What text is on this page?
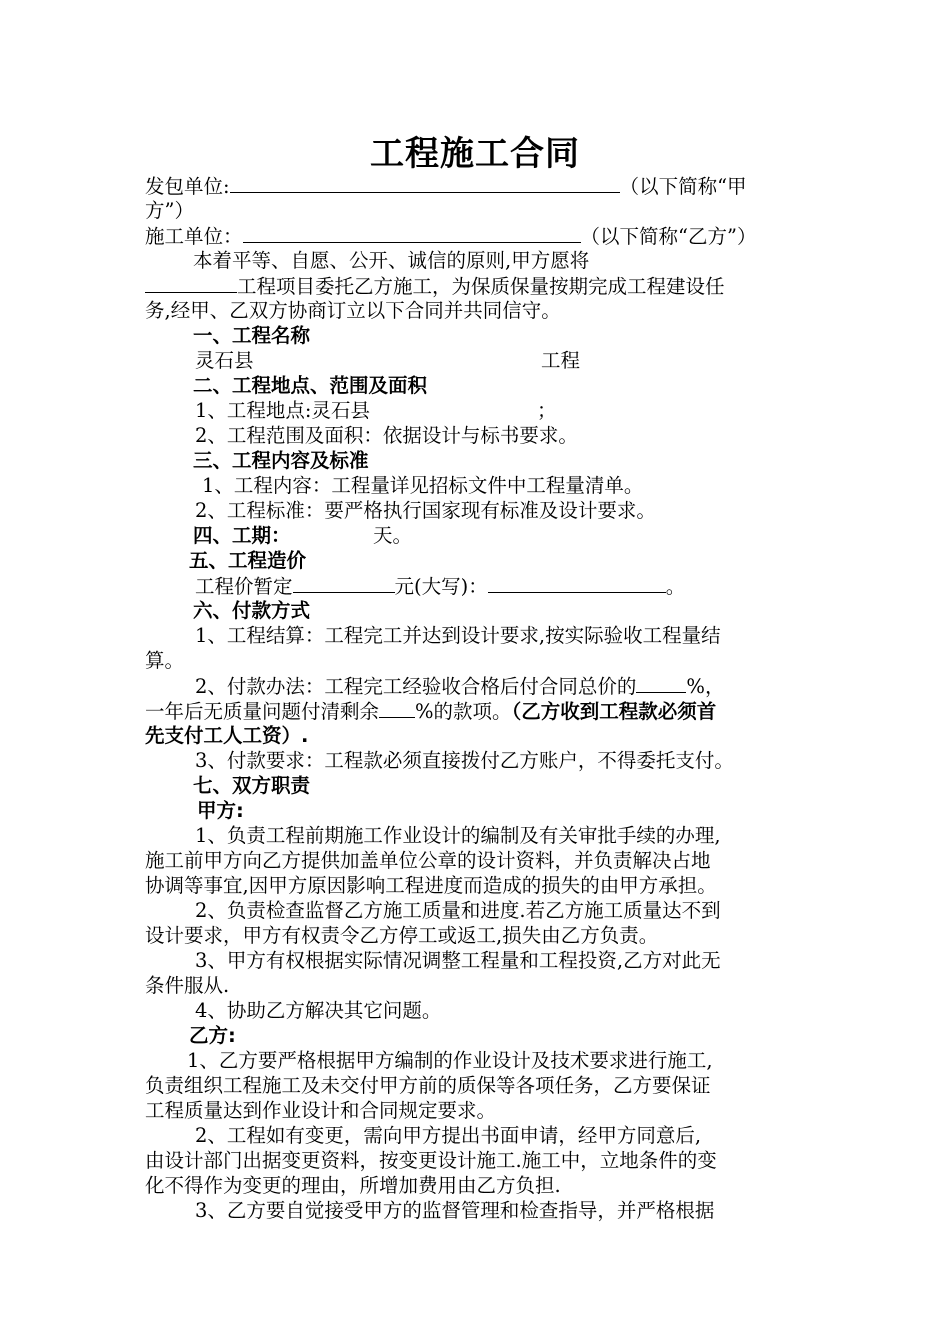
工程施工合同
发包单位:	（以下简称“甲
方”）
施工单位：	（以下简称“乙方”）
本着平等、自愿、公开、诚信的原则,甲方愿将
工程项目委托乙方施工，为保质保量按期完成工程建设任
务,经甲、乙双方协商订立以下合同并共同信守。
一、工程名称
灵石县	工程
二、工程地点、范围及面积
1、工程地点:灵石县	；
2、工程范围及面积：依据设计与标书要求。
三、工程内容及标准
1、工程内容：工程量详见招标文件中工程量清单。
2、工程标准：要严格执行国家现有标准及设计要求。
四、工期：	天。
五、工程造价
工程价暂定	元(大写)：	。
六、付款方式
1、工程结算：工程完工并达到设计要求,按实际验收工程量结
算。
2、付款办法：工程完工经验收合格后付合同总价的	%，
一年后无质量问题付清剩余 %的款项。（乙方收到工程款必须首
先支付工人工资）.
3、付款要求：工程款必须直接拨付乙方账户，不得委托支付。
七、双方职责
甲方:
1、负责工程前期施工作业设计的编制及有关审批手续的办理,
施工前甲方向乙方提供加盖单位公章的设计资料，并负责解决占地
协调等事宜,因甲方原因影响工程进度而造成的损失的由甲方承担。
2、负责检查监督乙方施工质量和进度.若乙方施工质量达不到
设计要求，甲方有权责令乙方停工或返工,损失由乙方负责。
3、甲方有权根据实际情况调整工程量和工程投资,乙方对此无
条件服从.
4、协助乙方解决其它问题。
乙方:
1、乙方要严格根据甲方编制的作业设计及技术要求进行施工,
负责组织工程施工及未交付甲方前的质保等各项任务，乙方要保证
工程质量达到作业设计和合同规定要求。
2、工程如有变更，需向甲方提出书面申请，经甲方同意后,
由设计部门出据变更资料，按变更设计施工.施工中，立地条件的变
化不得作为变更的理由，所增加费用由乙方负担.
3、乙方要自觉接受甲方的监督管理和检查指导，并严格根据
